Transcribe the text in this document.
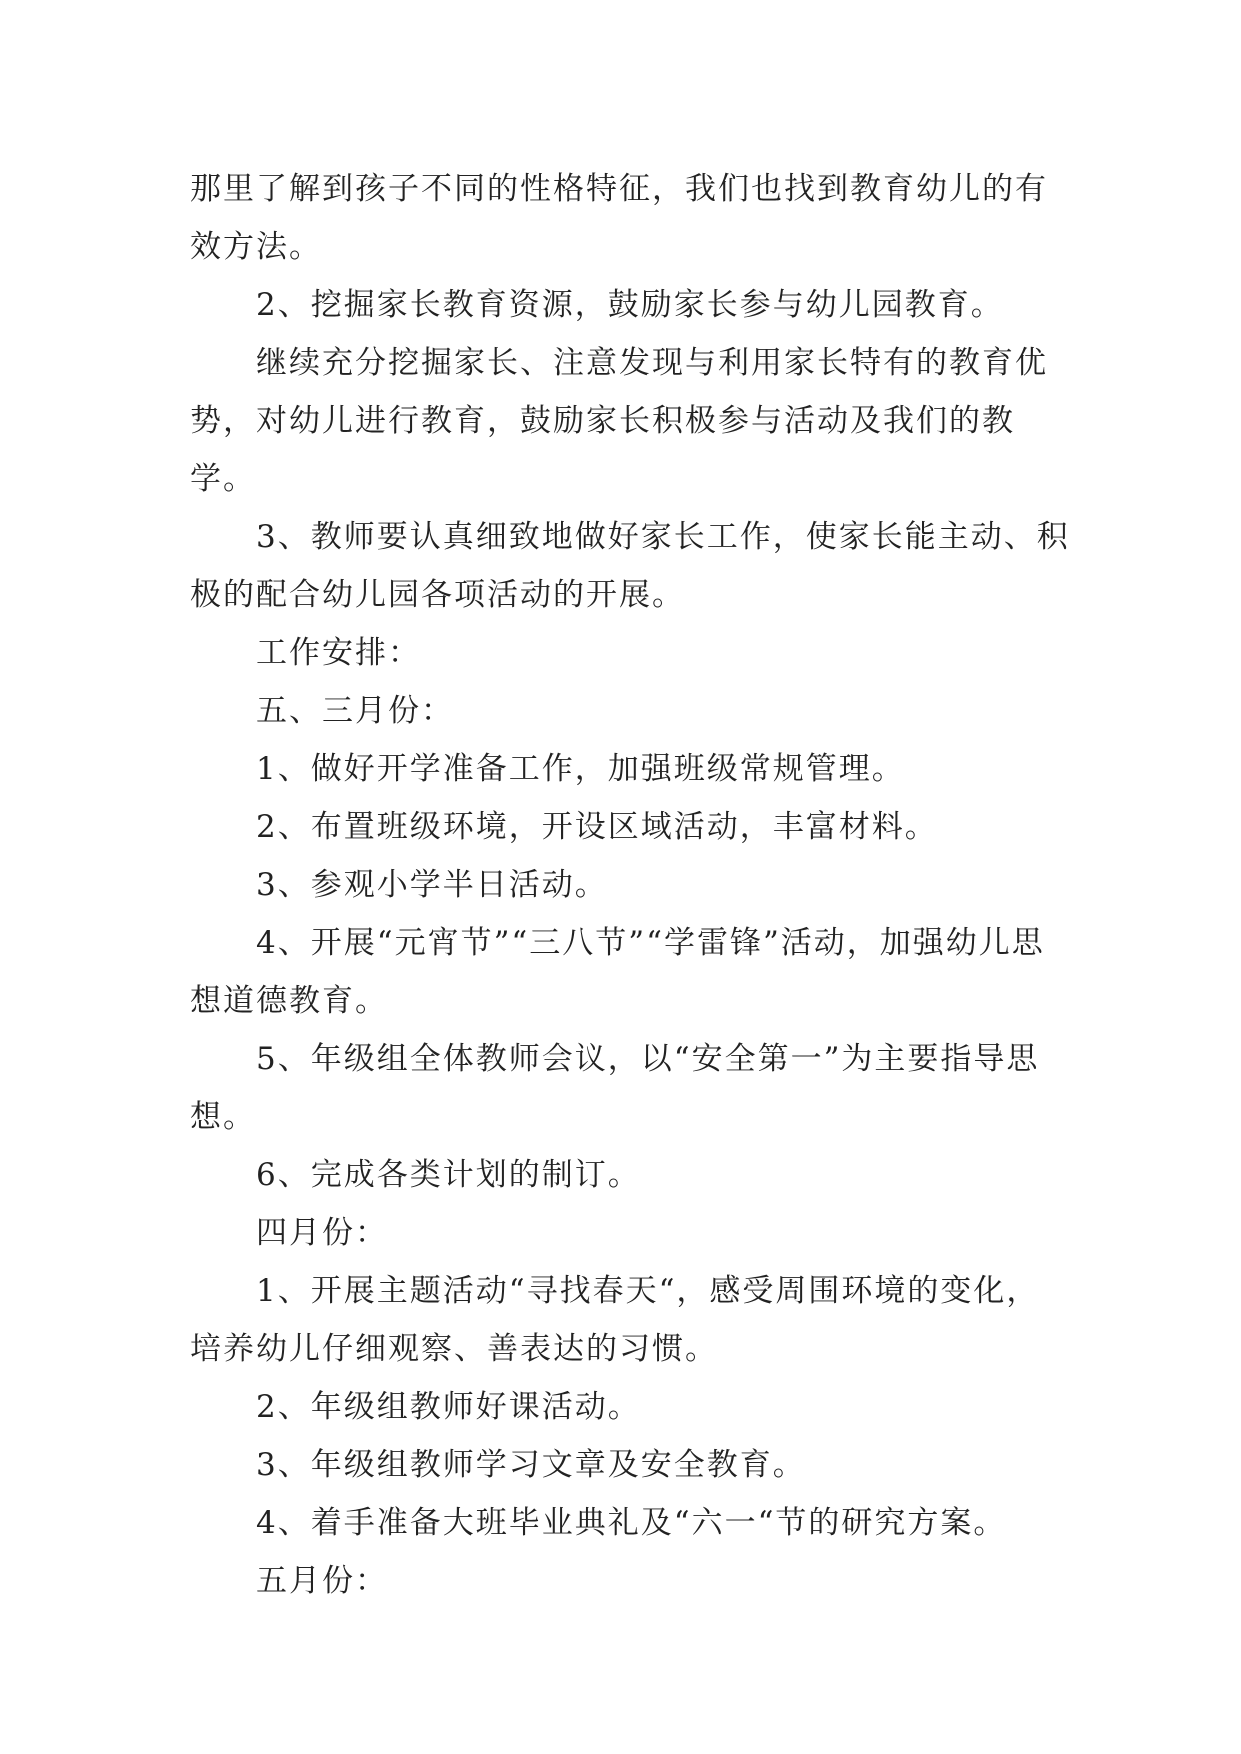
那里了解到孩子不同的性格特征，我们也找到教育幼儿的有效方法。

2、挖掘家长教育资源，鼓励家长参与幼儿园教育。

继续充分挖掘家长、注意发现与利用家长特有的教育优势，对幼儿进行教育，鼓励家长积极参与活动及我们的教学。

3、教师要认真细致地做好家长工作，使家长能主动、积极的配合幼儿园各项活动的开展。

工作安排：

五、三月份：

1、做好开学准备工作，加强班级常规管理。

2、布置班级环境，开设区域活动，丰富材料。

3、参观小学半日活动。

4、开展“元宵节”“三八节”“学雷锋”活动，加强幼儿思想道德教育。

5、年级组全体教师会议，以“安全第一”为主要指导思想。

6、完成各类计划的制订。

四月份：

1、开展主题活动“寻找春天“，感受周围环境的变化，培养幼儿仔细观察、善表达的习惯。

2、年级组教师好课活动。

3、年级组教师学习文章及安全教育。

4、着手准备大班毕业典礼及“六一“节的研究方案。

五月份：
